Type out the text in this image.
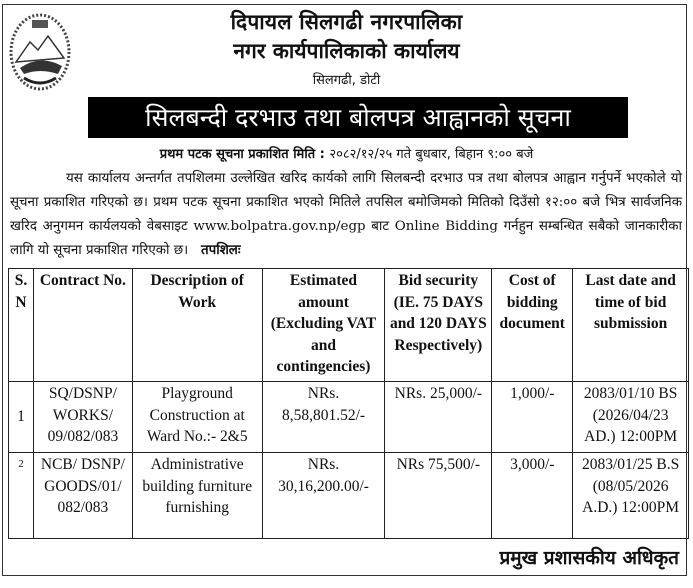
दिपायल सिलगढी नगरपालिका
नगर कार्यपालिकाको कार्यालय
सिलगढी, डोटी
सिलबन्दी दरभाउ तथा बोलपत्र आह्वानको सूचना
प्रथम पटक सूचना प्रकाशित मिति : २०८२/१२/२५ गते बुधबार, बिहान ९:०० बजे
यस कार्यालय अन्तर्गत तपशिलमा उल्लेखित खरिद कार्यको लागि सिलबन्दी दरभाउ पत्र तथा बोलपत्र आह्वान गर्नुपर्ने भएकोले यो सूचना प्रकाशित गरिएको छ। प्रथम पटक सूचना प्रकाशित भएको मितिले तपसिल बमोजिमको मितिको दिउँसो १२:०० बजे भित्र सार्वजनिक खरिद अनुगमन कार्यलयको वेबसाइट www.bolpatra.gov.np/egp बाट Online Bidding गर्नहुन सम्बन्धित सबैको जानकारीका लागि यो सूचना प्रकाशित गरिएको छ। तपशिलः
S. N	Contract No.	Description of Work	Estimated amount (Excluding VAT and contingencies)	Bid security (IE. 75 DAYS and 120 DAYS Respectively)	Cost of bidding document	Last date and time of bid submission
1	SQ/DSNP/ WORKS/ 09/082/083	Playground Construction at Ward No.:- 2&5	NRs. 8,58,801.52/-	NRs. 25,000/-	1,000/-	2083/01/10 BS (2026/04/23 AD.) 12:00PM
2	NCB/ DSNP/ GOODS/01/ 082/083	Administrative building furniture furnishing	NRs. 30,16,200.00/-	NRs 75,500/-	3,000/-	2083/01/25 B.S (08/05/2026 A.D.) 12:00PM
प्रमुख प्रशासकीय अधिकृत
